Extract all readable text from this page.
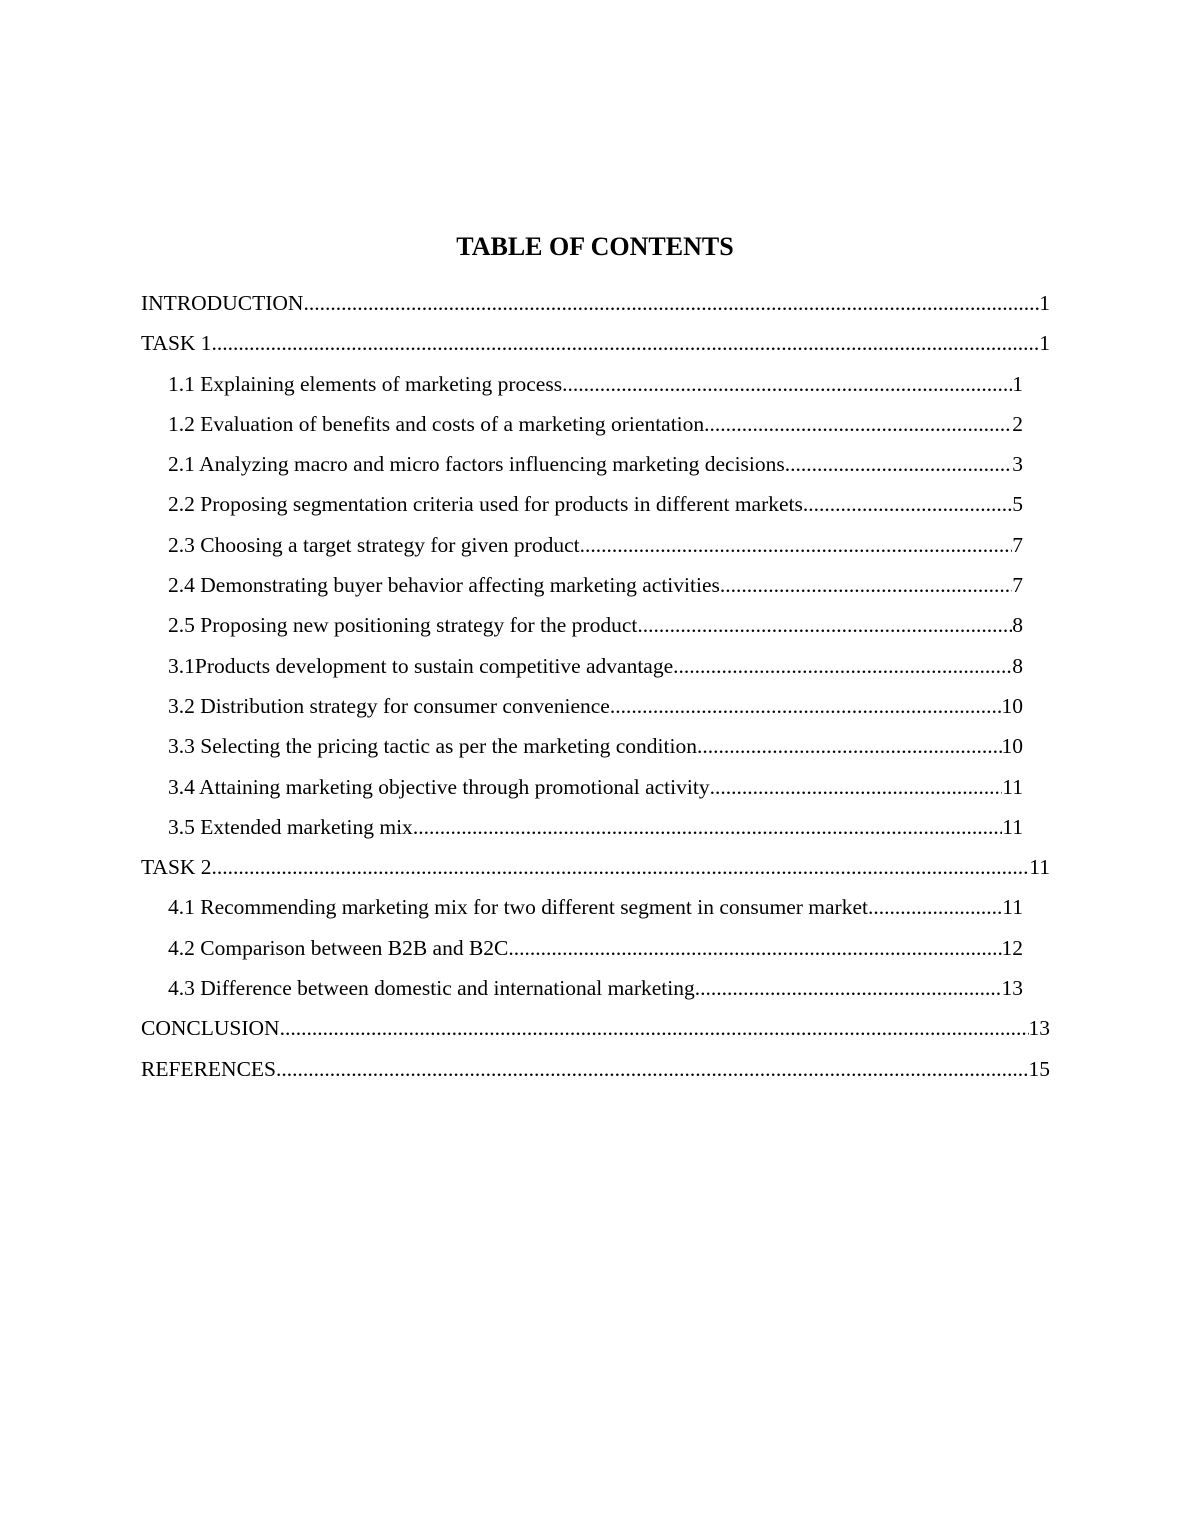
TABLE OF CONTENTS
INTRODUCTION .....	1
TASK 1 .....	1
1.1 Explaining elements of marketing process .....	1
1.2 Evaluation of benefits and costs of a marketing orientation .....	2
2.1 Analyzing macro and micro factors influencing marketing decisions .....	3
2.2 Proposing segmentation criteria used for products in different markets .....	5
2.3 Choosing a target strategy for given product .....	7
2.4 Demonstrating buyer behavior affecting marketing activities .....	7
2.5 Proposing new positioning strategy for the product .....	8
3.1Products development to sustain competitive advantage .....	8
3.2 Distribution strategy for consumer convenience .....	10
3.3 Selecting the pricing tactic as per the marketing condition .....	10
3.4 Attaining marketing objective through promotional activity .....	11
3.5 Extended marketing mix .....	11
TASK 2 .....	11
4.1 Recommending marketing mix for two different segment in consumer market .....	11
4.2 Comparison between B2B and B2C .....	12
4.3 Difference between domestic and international marketing .....	13
CONCLUSION .....	13
REFERENCES .....	15
